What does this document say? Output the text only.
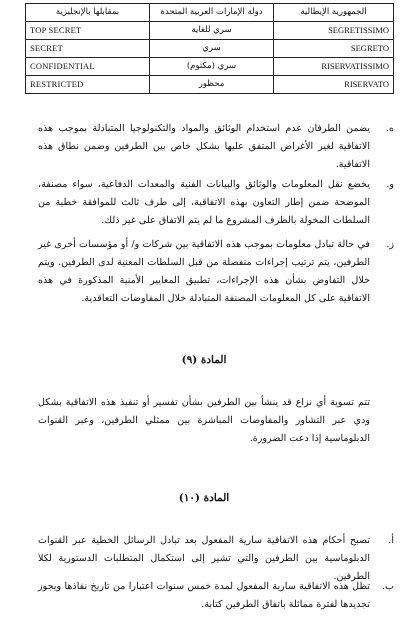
بمقابلها بالإنجليزية	دولة الإمارات العربية المتحدة	الجمهورية الإيطالية
TOP SECRET	سري للغاية	SEGRETISSIMO
SECRET	سري	SEGRETO
CONFIDENTIAL	سري (مكتوم)	RISERVATISSIMO
RESTRICTED	محظور	RISERVATO
ه.
يضمن الطرفان عدم استخدام الوثائق والمواد والتكنولوجيا المتبادلة بموجب هذه الاتفاقية لغير الأغراض المتفق عليها بشكل خاص بين الطرفين وضمن نطاق هذه الاتفاقية.
و.
يخضع نقل المعلومات والوثائق والبيانات الفنية والمعدات الدفاعية، سواء مصنفة، الموضحة ضمن إطار التعاون بهذه الاتفاقية، إلى طرف ثالث للموافقة خطية من السلطات المخولة بالطرف المشروع ما لم يتم الاتفاق على غير ذلك.
ز.
في حالة تبادل معلومات بموجب هذه الاتفاقية بين شركات و/ أو مؤسسات أخرى غير الطرفين، يتم ترتيب إجراءات منفصلة من قبل السلطات المعنية لدى الطرفين. ويتم خلال التفاوض بشأن هذه الإجراءات، تطبيق المعايير الأمنية المذكورة في هذه الاتفاقية على كل المعلومات المصنفة المتبادلة خلال المفاوضات التعاقدية.
المادة (٩)
تتم تسوية أي نزاع قد ينشأ بين الطرفين بشأن تفسير أو تنفيذ هذه الاتفاقية بشكل ودي عبر التشاور والمفاوضات المباشرة بين ممثلي الطرفين، وعبر القنوات الدبلوماسية إذا دعت الضرورة.
المادة (١٠)
أ.
تصبح أحكام هذه الاتفاقية سارية المفعول بعد تبادل الرسائل الخطية عبر القنوات الدبلوماسية بين الطرفين والتي تشير إلى استكمال المتطلبات الدستورية لكلا الطرفين.
ب.
تظل هذه الاتفاقية سارية المفعول لمدة خمس سنوات اعتبارا من تاريخ نفاذها ويجوز تجديدها لفترة مماثلة باتفاق الطرفين كتابة.
